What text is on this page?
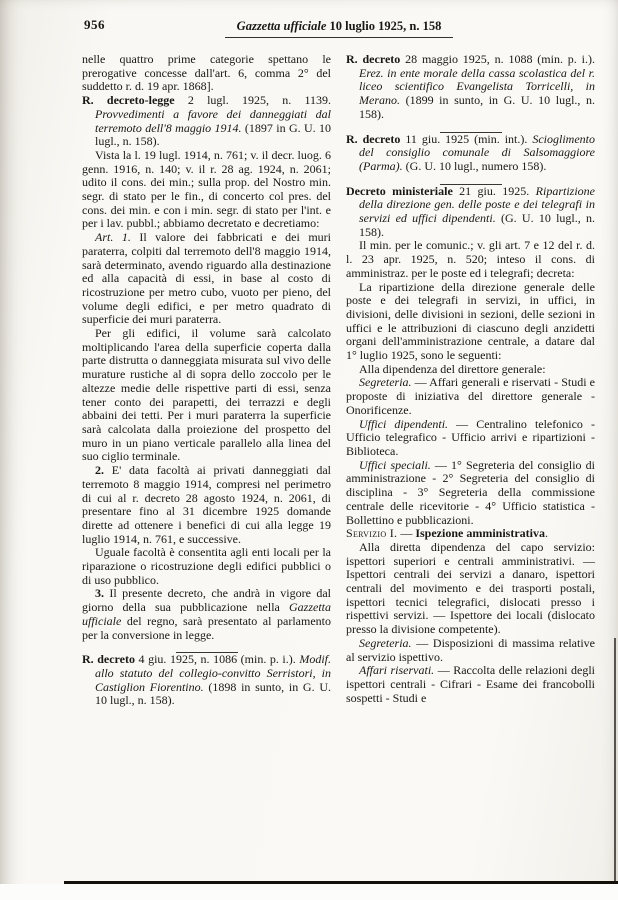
956	Gazzetta ufficiale 10 luglio 1925, n. 158

nelle quattro prime categorie spettano le prerogative concesse dall'art. 6, comma 2° del suddetto r. d. 19 apr. 1868].

R. decreto-legge 2 lugl. 1925, n. 1139. Provvedimenti a favore dei danneggiati dal terremoto dell'8 maggio 1914. (1897 in G. U. 10 lugl., n. 158).

Vista la l. 19 lugl. 1914, n. 761; v. il decr. luog. 6 genn. 1916, n. 140; v. il r. 28 ag. 1924, n. 2061; udito il cons. dei min.; sulla prop. del Nostro min. segr. di stato per le fin., di concerto col pres. del cons. dei min. e con i min. segr. di stato per l'int. e per i lav. pubbl.; abbiamo decretato e decretiamo:

Art. 1. Il valore dei fabbricati e dei muri paraterra, colpiti dal terremoto dell'8 maggio 1914, sarà determinato, avendo riguardo alla destinazione ed alla capacità di essi, in base al costo di ricostruzione per metro cubo, vuoto per pieno, del volume degli edifici, e per metro quadrato di superficie dei muri paraterra.

Per gli edifici, il volume sarà calcolato moltiplicando l'area della superficie coperta dalla parte distrutta o danneggiata misurata sul vivo delle murature rustiche al di sopra dello zoccolo per le altezze medie delle rispettive parti di essi, senza tener conto dei parapetti, dei terrazzi e degli abbaini dei tetti. Per i muri paraterra la superficie sarà calcolata dalla proiezione del prospetto del muro in un piano verticale parallelo alla linea del suo ciglio terminale.

2. E' data facoltà ai privati danneggiati dal terremoto 8 maggio 1914, compresi nel perimetro di cui al r. decreto 28 agosto 1924, n. 2061, di presentare fino al 31 dicembre 1925 domande dirette ad ottenere i benefici di cui alla legge 19 luglio 1914, n. 761, e successive.

Uguale facoltà è consentita agli enti locali per la riparazione o ricostruzione degli edifici pubblici o di uso pubblico.

3. Il presente decreto, che andrà in vigore dal giorno della sua pubblicazione nella Gazzetta ufficiale del regno, sarà presentato al parlamento per la conversione in legge.

R. decreto 4 giu. 1925, n. 1086 (min. p. i.). Modif. allo statuto del collegio-convitto Serristori, in Castiglion Fiorentino. (1898 in sunto, in G. U. 10 lugl., n. 158).

R. decreto 28 maggio 1925, n. 1088 (min. p. i.). Erez. in ente morale della cassa scolastica del r. liceo scientifico Evangelista Torricelli, in Merano. (1899 in sunto, in G. U. 10 lugl., n. 158).

R. decreto 11 giu. 1925 (min. int.). Scioglimento del consiglio comunale di Salsomaggiore (Parma). (G. U. 10 lugl., numero 158).

Decreto ministeriale 21 giu. 1925. Ripartizione della direzione gen. delle poste e dei telegrafi in servizi ed uffici dipendenti. (G. U. 10 lugl., n. 158).

Il min. per le comunic.; v. gli art. 7 e 12 del r. d. l. 23 apr. 1925, n. 520; inteso il cons. di amministraz. per le poste ed i telegrafi; decreta:

La ripartizione della direzione generale delle poste e dei telegrafi in servizi, in uffici, in divisioni, delle divisioni in sezioni, delle sezioni in uffici e le attribuzioni di ciascuno degli anzidetti organi dell'amministrazione centrale, a datare dal 1° luglio 1925, sono le seguenti:

Alla dipendenza del direttore generale:

Segreteria. — Affari generali e riservati - Studi e proposte di iniziativa del direttore generale - Onorificenze.

Uffici dipendenti. — Centralino telefonico - Ufficio telegrafico - Ufficio arrivi e ripartizioni - Biblioteca.

Uffici speciali. — 1° Segreteria del consiglio di amministrazione - 2° Segreteria del consiglio di disciplina - 3° Segreteria della commissione centrale delle ricevitorie - 4° Ufficio statistica - Bollettino e pubblicazioni.

Servizio I. — Ispezione amministrativa.

Alla diretta dipendenza del capo servizio: ispettori superiori e centrali amministrativi. — Ispettori centrali dei servizi a danaro, ispettori centrali del movimento e dei trasporti postali, ispettori tecnici telegrafici, dislocati presso i rispettivi servizi. — Ispettore dei locali (dislocato presso la divisione competente).

Segreteria. — Disposizioni di massima relative al servizio ispettivo.

Affari riservati. — Raccolta delle relazioni degli ispettori centrali - Cifrari - Esame dei francobolli sospetti - Studi e
